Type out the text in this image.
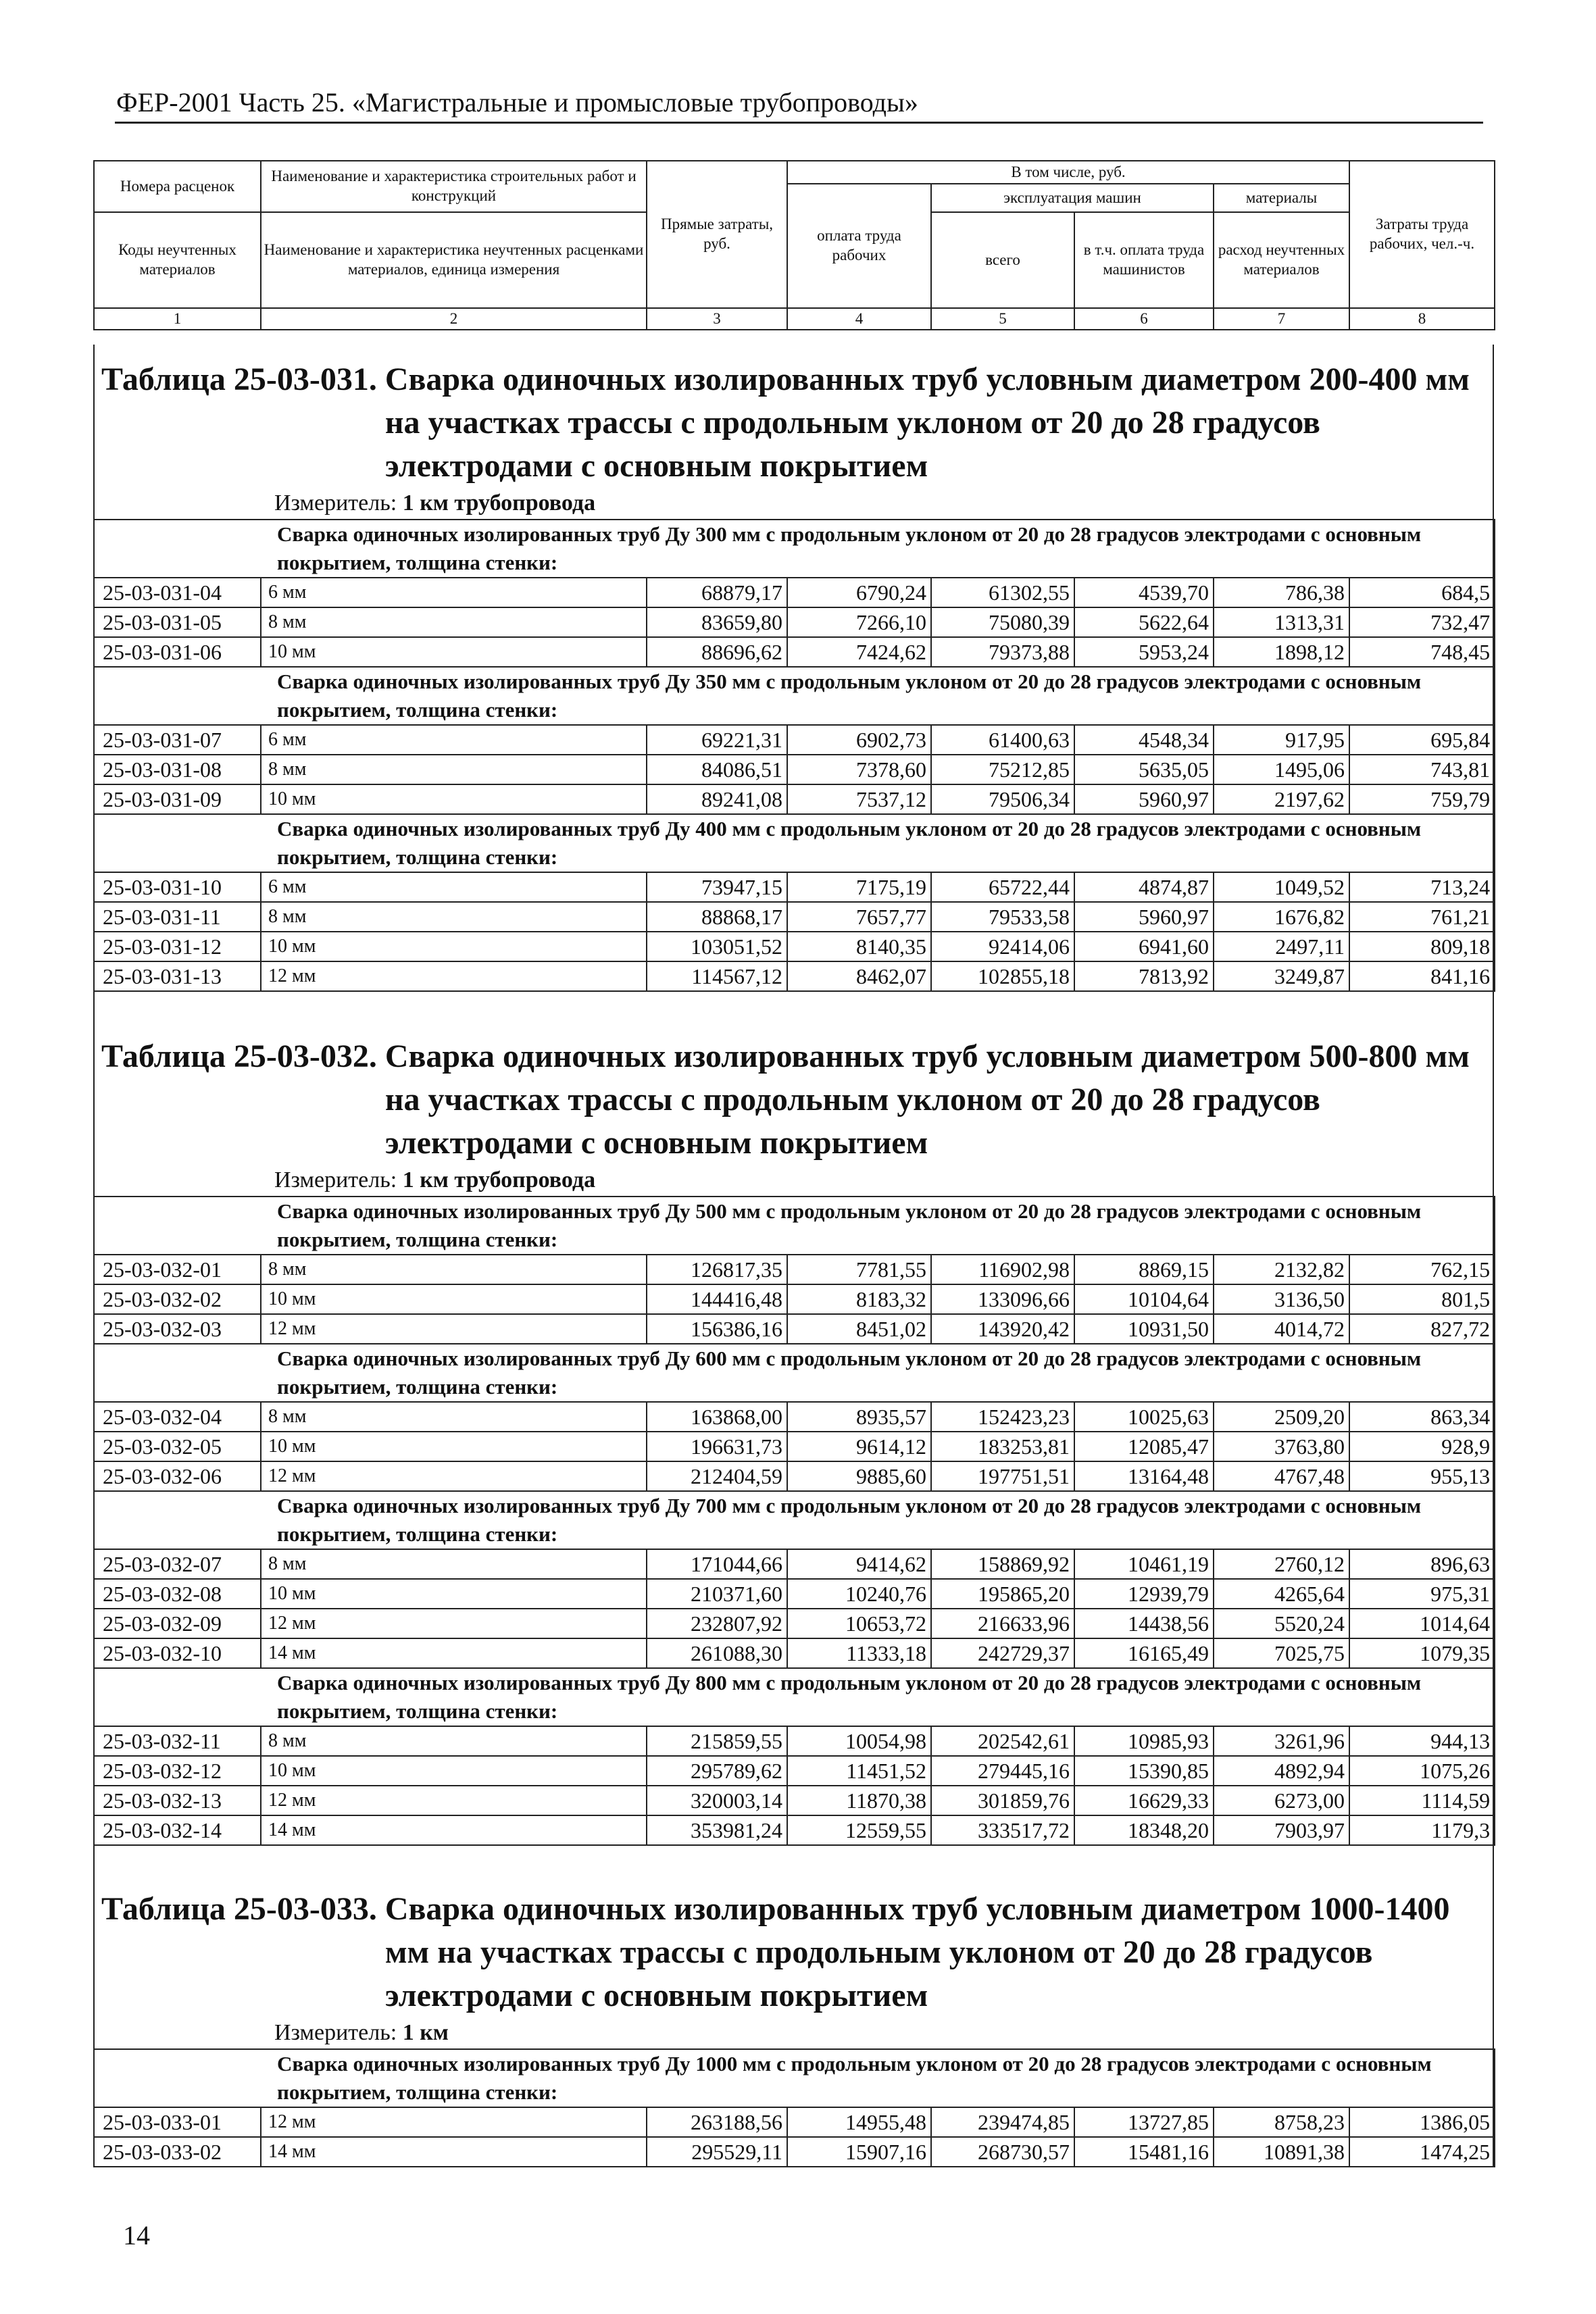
ФЕР-2001 Часть 25. «Магистральные и промысловые трубопроводы»
Номера расценок	Наименование и характеристика строительных работ и конструкций	Прямые затраты, руб.	В том числе, руб.				Затраты труда рабочих, чел.-ч.
			оплата труда рабочих	эксплуатация машин		материалы	
Коды неучтенных материалов	Наименование и характеристика неучтенных расценками материалов, единица измерения			всего	в т.ч. оплата труда машинистов	расход неучтенных материалов	

1	2	3	4	5	6	7	8
Таблица 25-03-031. Сварка одиночных изолированных труб условным диаметром 200-400 мм на участках трассы с продольным уклоном от 20 до 28 градусов электродами с основным покрытием
Измеритель: 1 км трубопровода
Сварка одиночных изолированных труб Ду 300 мм с продольным уклоном от 20 до 28 градусов электродами с основным покрытием, толщина стенки:							
25-03-031-04	6 мм	68879,17	6790,24	61302,55	4539,70	786,38	684,5
25-03-031-05	8 мм	83659,80	7266,10	75080,39	5622,64	1313,31	732,47
25-03-031-06	10 мм	88696,62	7424,62	79373,88	5953,24	1898,12	748,45
Сварка одиночных изолированных труб Ду 350 мм с продольным уклоном от 20 до 28 градусов электродами с основным покрытием, толщина стенки:							
25-03-031-07	6 мм	69221,31	6902,73	61400,63	4548,34	917,95	695,84
25-03-031-08	8 мм	84086,51	7378,60	75212,85	5635,05	1495,06	743,81
25-03-031-09	10 мм	89241,08	7537,12	79506,34	5960,97	2197,62	759,79
Сварка одиночных изолированных труб Ду 400 мм с продольным уклоном от 20 до 28 градусов электродами с основным покрытием, толщина стенки:							
25-03-031-10	6 мм	73947,15	7175,19	65722,44	4874,87	1049,52	713,24
25-03-031-11	8 мм	88868,17	7657,77	79533,58	5960,97	1676,82	761,21
25-03-031-12	10 мм	103051,52	8140,35	92414,06	6941,60	2497,11	809,18
25-03-031-13	12 мм	114567,12	8462,07	102855,18	7813,92	3249,87	841,16
Таблица 25-03-032. Сварка одиночных изолированных труб условным диаметром 500-800 мм на участках трассы с продольным уклоном от 20 до 28 градусов электродами с основным покрытием
Измеритель: 1 км трубопровода
Сварка одиночных изолированных труб Ду 500 мм с продольным уклоном от 20 до 28 градусов электродами с основным покрытием, толщина стенки:							
25-03-032-01	8 мм	126817,35	7781,55	116902,98	8869,15	2132,82	762,15
25-03-032-02	10 мм	144416,48	8183,32	133096,66	10104,64	3136,50	801,5
25-03-032-03	12 мм	156386,16	8451,02	143920,42	10931,50	4014,72	827,72
Сварка одиночных изолированных труб Ду 600 мм с продольным уклоном от 20 до 28 градусов электродами с основным покрытием, толщина стенки:							
25-03-032-04	8 мм	163868,00	8935,57	152423,23	10025,63	2509,20	863,34
25-03-032-05	10 мм	196631,73	9614,12	183253,81	12085,47	3763,80	928,9
25-03-032-06	12 мм	212404,59	9885,60	197751,51	13164,48	4767,48	955,13
Сварка одиночных изолированных труб Ду 700 мм с продольным уклоном от 20 до 28 градусов электродами с основным покрытием, толщина стенки:							
25-03-032-07	8 мм	171044,66	9414,62	158869,92	10461,19	2760,12	896,63
25-03-032-08	10 мм	210371,60	10240,76	195865,20	12939,79	4265,64	975,31
25-03-032-09	12 мм	232807,92	10653,72	216633,96	14438,56	5520,24	1014,64
25-03-032-10	14 мм	261088,30	11333,18	242729,37	16165,49	7025,75	1079,35
Сварка одиночных изолированных труб Ду 800 мм с продольным уклоном от 20 до 28 градусов электродами с основным покрытием, толщина стенки:							
25-03-032-11	8 мм	215859,55	10054,98	202542,61	10985,93	3261,96	944,13
25-03-032-12	10 мм	295789,62	11451,52	279445,16	15390,85	4892,94	1075,26
25-03-032-13	12 мм	320003,14	11870,38	301859,76	16629,33	6273,00	1114,59
25-03-032-14	14 мм	353981,24	12559,55	333517,72	18348,20	7903,97	1179,3
Таблица 25-03-033. Сварка одиночных изолированных труб условным диаметром 1000-1400 мм на участках трассы с продольным уклоном от 20 до 28 градусов электродами с основным покрытием
Измеритель: 1 км
Сварка одиночных изолированных труб Ду 1000 мм с продольным уклоном от 20 до 28 градусов электродами с основным покрытием, толщина стенки:							
25-03-033-01	12 мм	263188,56	14955,48	239474,85	13727,85	8758,23	1386,05
25-03-033-02	14 мм	295529,11	15907,16	268730,57	15481,16	10891,38	1474,25
14
